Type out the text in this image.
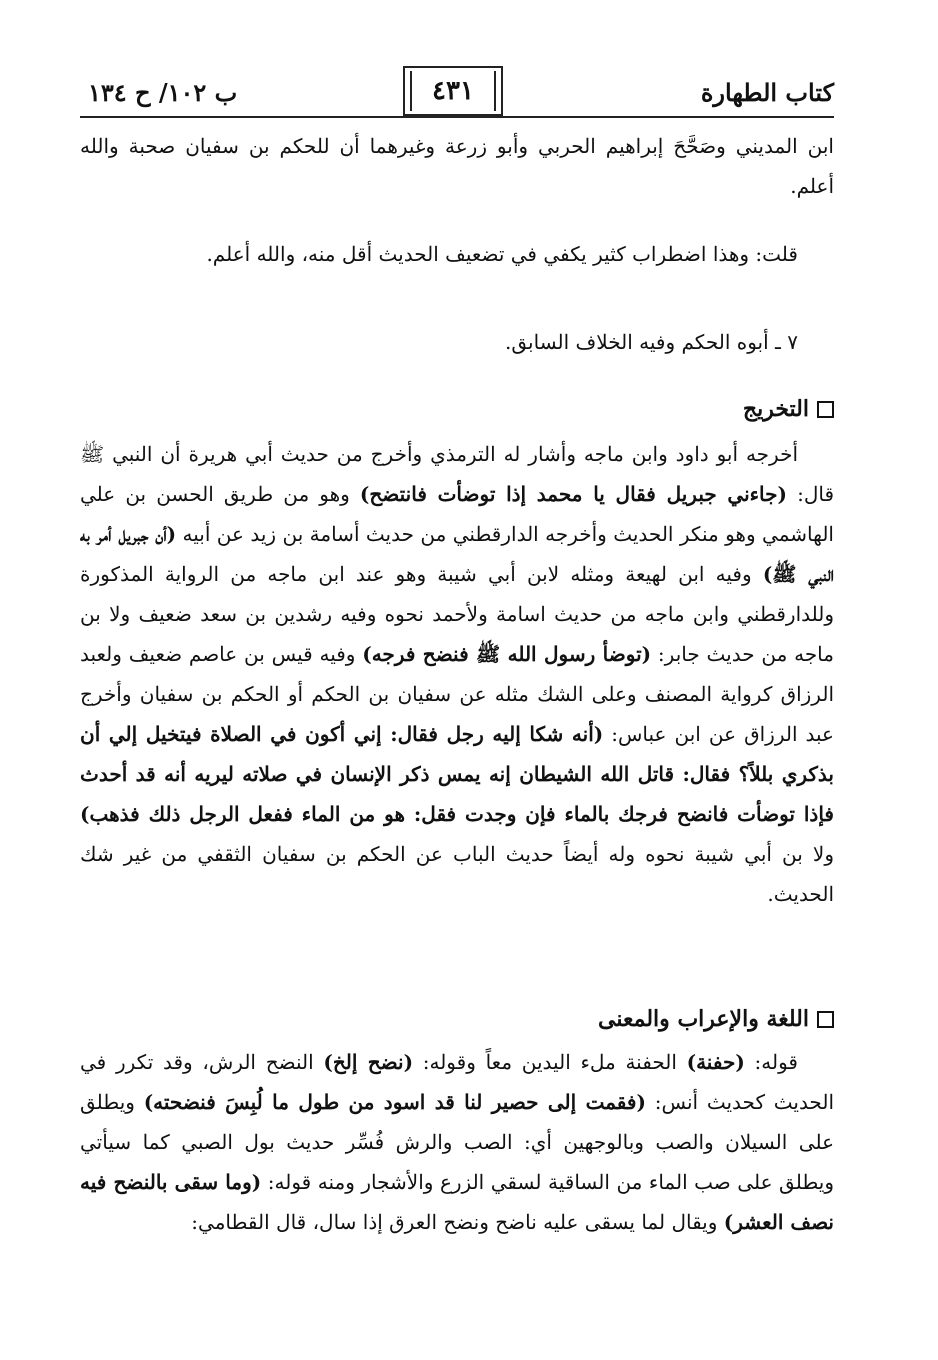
كتاب الطهارة
٤٣١
ب ١٠٢/ ح ١٣٤

ابن المديني وصَحَّحَ إبراهيم الحربي وأبو زرعة وغيرهما أن للحكم بن سفيان صحبة والله أعلم.

قلت: وهذا اضطراب كثير يكفي في تضعيف الحديث أقل منه، والله أعلم.

٧ ـ أبوه الحكم وفيه الخلاف السابق.

التخريج

أخرجه أبو داود وابن ماجه وأشار له الترمذي وأخرج من حديث أبي هريرة أن النبي ﷺ قال: (جاءني جبريل فقال يا محمد إذا توضأت فانتضح) وهو من طريق الحسن بن علي الهاشمي وهو منكر الحديث وأخرجه الدارقطني من حديث أسامة بن زيد عن أبيه (أن جبريل أمر به النبي ﷺ) وفيه ابن لهيعة ومثله لابن أبي شيبة وهو عند ابن ماجه من الرواية المذكورة وللدارقطني وابن ماجه من حديث اسامة ولأحمد نحوه وفيه رشدين بن سعد ضعيف ولا بن ماجه من حديث جابر: (توضأ رسول الله ﷺ فنضح فرجه) وفيه قيس بن عاصم ضعيف ولعبد الرزاق كرواية المصنف وعلى الشك مثله عن سفيان بن الحكم أو الحكم بن سفيان وأخرج عبد الرزاق عن ابن عباس: (أنه شكا إليه رجل فقال: إني أكون في الصلاة فيتخيل إلي أن بذكري بللاً؟ فقال: قاتل الله الشيطان إنه يمس ذكر الإنسان في صلاته ليريه أنه قد أحدث فإذا توضأت فانضح فرجك بالماء فإن وجدت فقل: هو من الماء ففعل الرجل ذلك فذهب) ولا بن أبي شيبة نحوه وله أيضاً حديث الباب عن الحكم بن سفيان الثقفي من غير شك الحديث.

اللغة والإعراب والمعنى

قوله: (حفنة) الحفنة ملء اليدين معاً وقوله: (نضح إلخ) النضح الرش، وقد تكرر في الحديث كحديث أنس: (فقمت إلى حصير لنا قد اسود من طول ما لُبِسَ فنضحته) ويطلق على السيلان والصب وبالوجهين أي: الصب والرش فُسِّر حديث بول الصبي كما سيأتي ويطلق على صب الماء من الساقية لسقي الزرع والأشجار ومنه قوله: (وما سقى بالنضح فيه نصف العشر) ويقال لما يسقى عليه ناضح ونضح العرق إذا سال، قال القطامي:
